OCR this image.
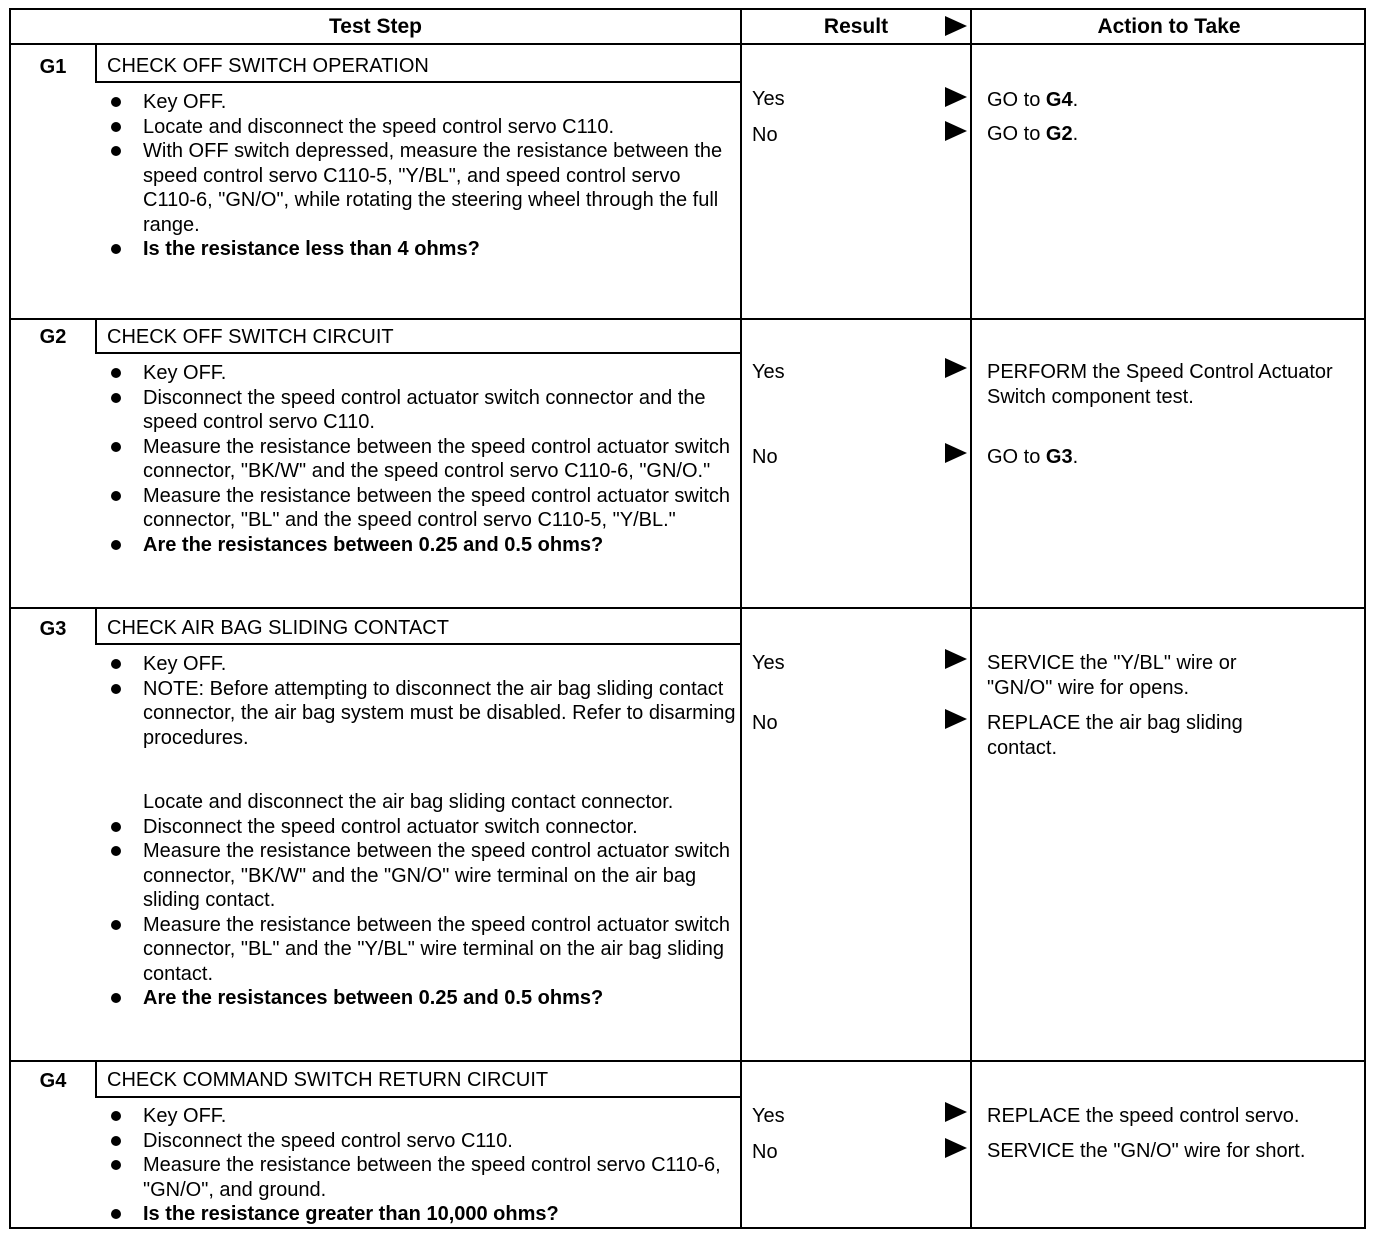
Test Step	Result	Action to Take
G1	CHECK OFF SWITCH OPERATION
Key OFF.
Locate and disconnect the speed control servo C110.
With OFF switch depressed, measure the resistance between the speed control servo C110-5, "Y/BL", and speed control servo C110-6, "GN/O", while rotating the steering wheel through the full range.
Is the resistance less than 4 ohms?
Yes	GO to G4.
No	GO to G2.
G2	CHECK OFF SWITCH CIRCUIT
Key OFF.
Disconnect the speed control actuator switch connector and the speed control servo C110.
Measure the resistance between the speed control actuator switch connector, "BK/W" and the speed control servo C110-6, "GN/O."
Measure the resistance between the speed control actuator switch connector, "BL" and the speed control servo C110-5, "Y/BL."
Are the resistances between 0.25 and 0.5 ohms?
Yes	PERFORM the Speed Control Actuator Switch component test.
No	GO to G3.
G3	CHECK AIR BAG SLIDING CONTACT
Key OFF.
NOTE: Before attempting to disconnect the air bag sliding contact connector, the air bag system must be disabled. Refer to disarming procedures.
Locate and disconnect the air bag sliding contact connector.
Disconnect the speed control actuator switch connector.
Measure the resistance between the speed control actuator switch connector, "BK/W" and the "GN/O" wire terminal on the air bag sliding contact.
Measure the resistance between the speed control actuator switch connector, "BL" and the "Y/BL" wire terminal on the air bag sliding contact.
Are the resistances between 0.25 and 0.5 ohms?
Yes	SERVICE the "Y/BL" wire or "GN/O" wire for opens.
No	REPLACE the air bag sliding contact.
G4	CHECK COMMAND SWITCH RETURN CIRCUIT
Key OFF.
Disconnect the speed control servo C110.
Measure the resistance between the speed control servo C110-6, "GN/O", and ground.
Is the resistance greater than 10,000 ohms?
Yes	REPLACE the speed control servo.
No	SERVICE the "GN/O" wire for short.
